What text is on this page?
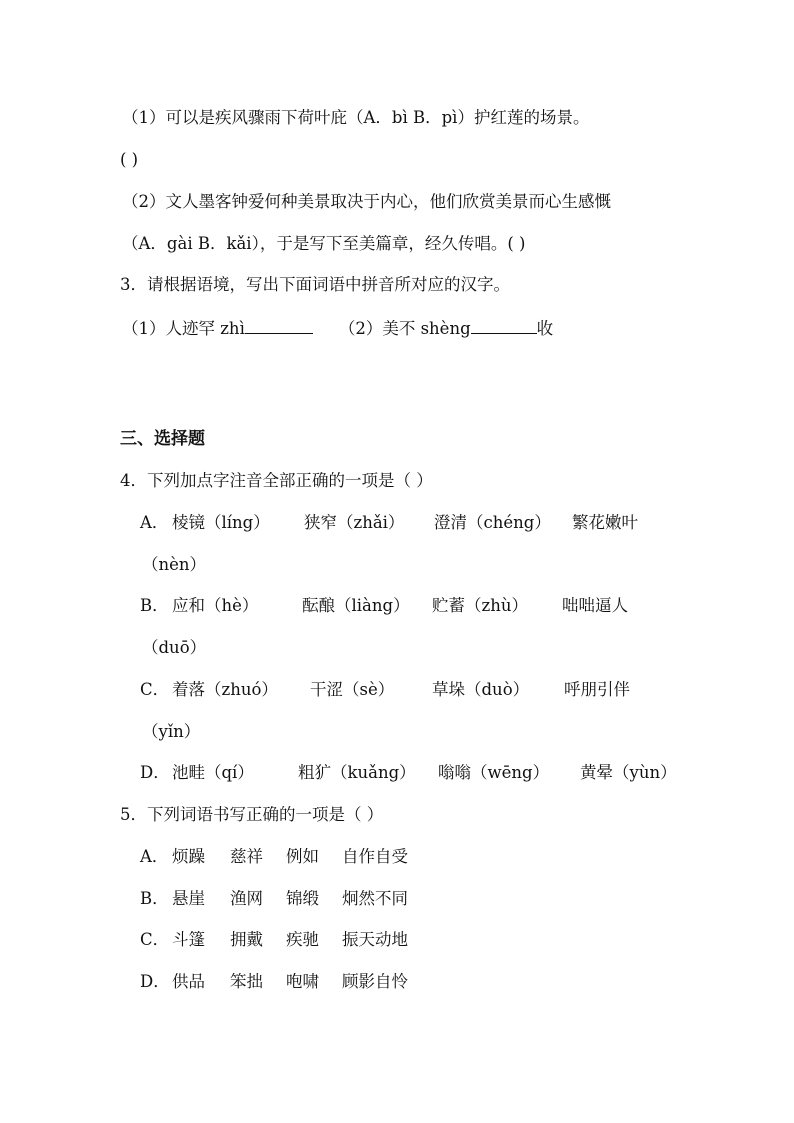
（1）可以是疾风骤雨下荷叶庇（A．bì B．pì）护红莲的场景。
( )
（2）文人墨客钟爱何种美景取决于内心，他们欣赏美景而心生感慨
（A．gài B．kǎi），于是写下至美篇章，经久传唱。( )
3．请根据语境，写出下面词语中拼音所对应的汉字。
（1）人迹罕 zhì	（2）美不 shèng	收
三、选择题
4．下列加点字注音全部正确的一项是（ ）
A． 棱镜（líng） 狭窄（zhǎi） 澄清（chéng） 繁花嫩叶
（nèn）
B． 应和（hè）	酝酿（liàng） 贮蓄（zhù） 咄咄逼人
（duō）
C． 着落（zhuó） 干涩（sè） 草垛（duò） 呼朋引伴
（yǐn）
D． 池畦（qí）	粗犷（kuǎng） 嗡嗡（wēng） 黄晕（yùn）
5．下列词语书写正确的一项是（ ）
A． 烦躁 慈祥 例如 自作自受
B． 悬崖 渔网 锦缎 炯然不同
C． 斗篷 拥戴 疾驰 振天动地
D． 供品 笨拙 咆啸 顾影自怜
